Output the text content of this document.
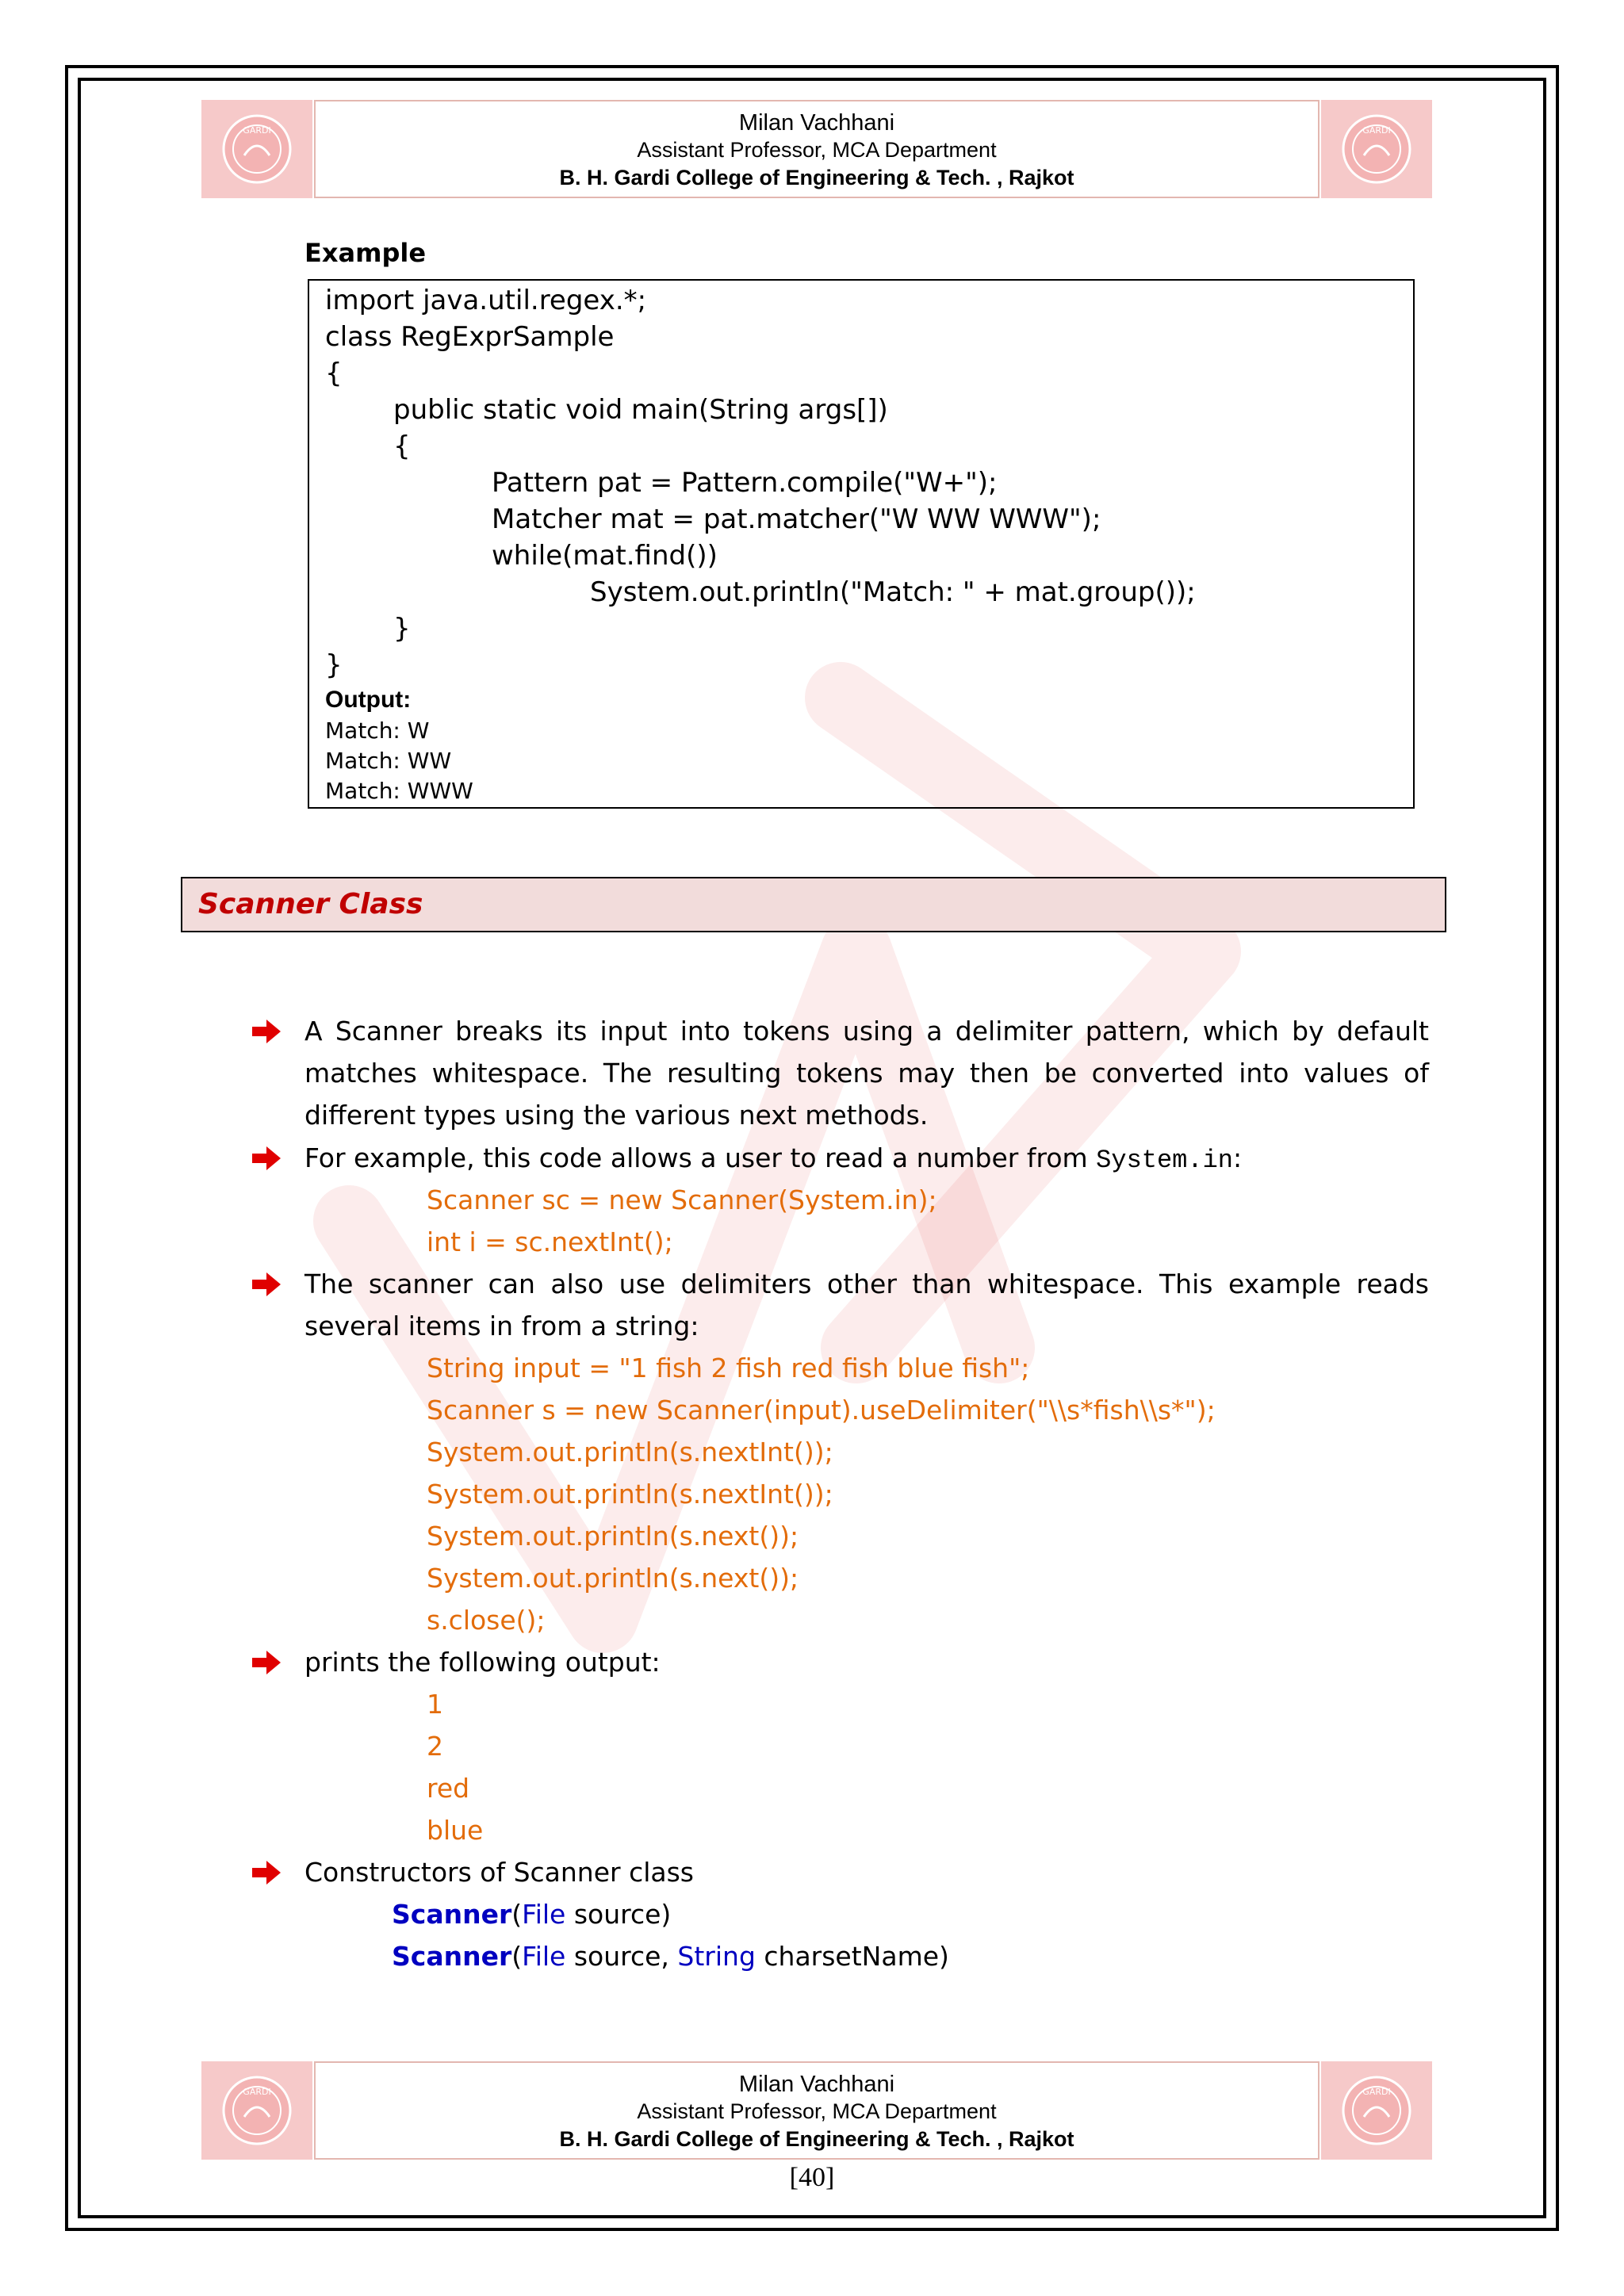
GARDI	Milan Vachhani
Assistant Professor, MCA Department
B. H. Gardi College of Engineering & Tech. , Rajkot
GARDI
Example
import java.util.regex.*;
class RegExprSample
{
public static void main(String args[])
{
Pattern pat = Pattern.compile("W+");
Matcher mat = pat.matcher("W WW WWW");
while(mat.find())
System.out.println("Match: " + mat.group());
}
}
Output:
Match: W
Match: WW
Match: WWW
Scanner Class
A Scanner breaks its input into tokens using a delimiter pattern, which by default matches whitespace. The resulting tokens may then be converted into values of different types using the various next methods.
For example, this code allows a user to read a number from System.in:
Scanner sc = new Scanner(System.in);
int i = sc.nextInt();
The scanner can also use delimiters other than whitespace. This example reads several items in from a string:
String input = "1 fish 2 fish red fish blue fish";
Scanner s = new Scanner(input).useDelimiter("\\s*fish\\s*");
System.out.println(s.nextInt());
System.out.println(s.nextInt());
System.out.println(s.next());
System.out.println(s.next());
s.close();
prints the following output:
1
2
red
blue
Constructors of Scanner class
Scanner(File source)
Scanner(File source, String charsetName)
GARDI	Milan Vachhani
Assistant Professor, MCA Department
B. H. Gardi College of Engineering & Tech. , Rajkot
GARDI
[40]
